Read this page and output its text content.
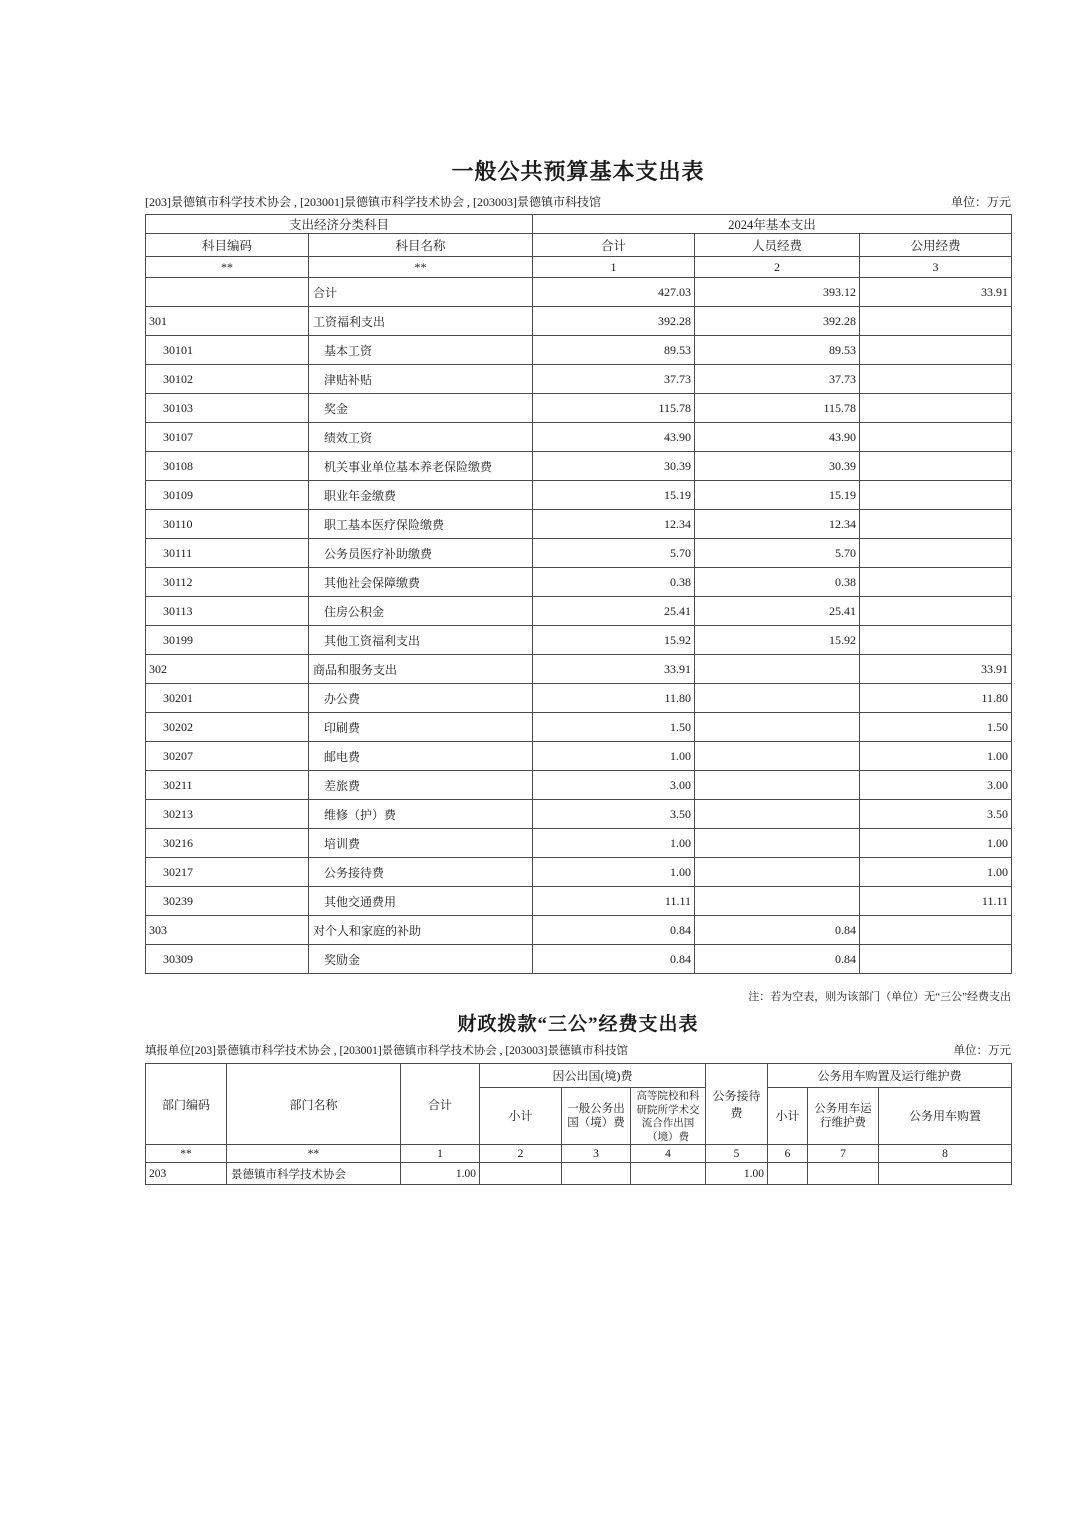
一般公共预算基本支出表
[203]景德镇市科学技术协会 , [203001]景德镇市科学技术协会 , [203003]景德镇市科技馆	单位：万元
支出经济分类科目		2024年基本支出		
科目编码	科目名称	合计	人员经费	公用经费
**	**	1	2	3
	合计	427.03	393.12	33.91
301	工资福利支出	392.28	392.28	
30101	基本工资	89.53	89.53	
30102	津贴补贴	37.73	37.73	
30103	奖金	115.78	115.78	
30107	绩效工资	43.90	43.90	
30108	机关事业单位基本养老保险缴费	30.39	30.39	
30109	职业年金缴费	15.19	15.19	
30110	职工基本医疗保险缴费	12.34	12.34	
30111	公务员医疗补助缴费	5.70	5.70	
30112	其他社会保障缴费	0.38	0.38	
30113	住房公积金	25.41	25.41	
30199	其他工资福利支出	15.92	15.92	
302	商品和服务支出	33.91		33.91
30201	办公费	11.80		11.80
30202	印刷费	1.50		1.50
30207	邮电费	1.00		1.00
30211	差旅费	3.00		3.00
30213	维修（护）费	3.50		3.50
30216	培训费	1.00		1.00
30217	公务接待费	1.00		1.00
30239	其他交通费用	11.11		11.11
303	对个人和家庭的补助	0.84	0.84	
30309	奖励金	0.84	0.84	
注：若为空表，则为该部门（单位）无“三公”经费支出
财政拨款“三公”经费支出表
填报单位[203]景德镇市科学技术协会 , [203001]景德镇市科学技术协会 , [203003]景德镇市科技馆	单位：万元
部门编码	部门名称	合计	因公出国(境)费			公务接待费	公务用车购置及运行维护费		
			小计	一般公务出国（境）费	高等院校和科研院所学术交流合作出国（境）费		小计	公务用车运行维护费	公务用车购置
**	**	1	2	3	4	5	6	7	8
203	景德镇市科学技术协会	1.00				1.00			
